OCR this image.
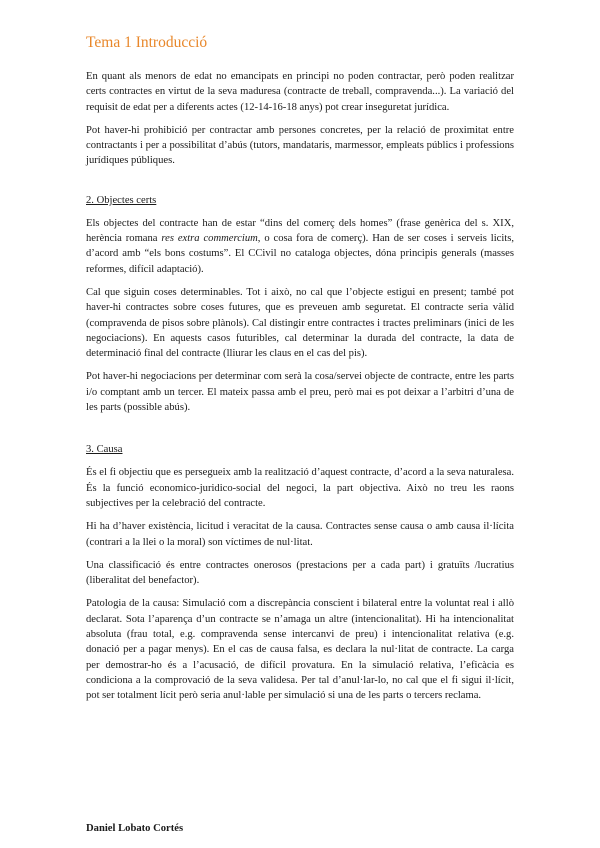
Tema 1 Introducció

En quant als menors de edat no emancipats en principi no poden contractar, però poden realitzar certs contractes en virtut de la seva maduresa (contracte de treball, compravenda...). La variació del requisit de edat per a diferents actes (12-14-16-18 anys) pot crear inseguretat jurídica.

Pot haver-hi prohibició per contractar amb persones concretes, per la relació de proximitat entre contractants i per a possibilitat d’abús (tutors, mandataris, marmessor, empleats públics i professions jurídiques públiques.

2. Objectes certs

Els objectes del contracte han de estar “dins del comerç dels homes” (frase genèrica del s. XIX, herència romana res extra commercium, o cosa fora de comerç). Han de ser coses i serveis licits, d’acord amb “els bons costums”. El CCivil no cataloga objectes, dóna principis generals (masses reformes, difícil adaptació).

Cal que siguin coses determinables. Tot i això, no cal que l’objecte estigui en present; també pot haver-hi contractes sobre coses futures, que es preveuen amb seguretat. El contracte seria vàlid (compravenda de pisos sobre plànols). Cal distingir entre contractes i tractes preliminars (inici de les negociacions). En aquests casos futuribles, cal determinar la durada del contracte, la data de determinació final del contracte (lliurar les claus en el cas del pis).

Pot haver-hi negociacions per determinar com serà la cosa/servei objecte de contracte, entre les parts i/o comptant amb un tercer. El mateix passa amb el preu, però mai es pot deixar a l’arbitri d’una de les parts (possible abús).

3. Causa

És el fi objectiu que es persegueix amb la realització d’aquest contracte, d’acord a la seva naturalesa. És la funció economico-juridico-social del negoci, la part objectiva. Això no treu les raons subjectives per la celebració del contracte.

Hi ha d’haver existència, licitud i veracitat de la causa. Contractes sense causa o amb causa il·lícita (contrari a la llei o la moral) son víctimes de nul·litat.

Una classificació és entre contractes onerosos (prestacions per a cada part) i gratuïts /lucratius (liberalitat del benefactor).

Patologia de la causa: Simulació com a discrepància conscient i bilateral entre la voluntat real i allò declarat. Sota l’aparença d’un contracte se n’amaga un altre (intencionalitat). Hi ha intencionalitat absoluta (frau total, e.g. compravenda sense intercanvi de preu) i intencionalitat relativa (e.g. donació per a pagar menys). En el cas de causa falsa, es declara la nul·litat de contracte. La carga per demostrar-ho és a l’acusació, de difícil provatura. En la simulació relativa, l’eficàcia es condiciona a la comprovació de la seva validesa. Per tal d’anul·lar-lo, no cal que el fi sigui il·lícit, pot ser totalment lícit però seria anul·lable per simulació si una de les parts o tercers reclama.

Daniel Lobato Cortés
